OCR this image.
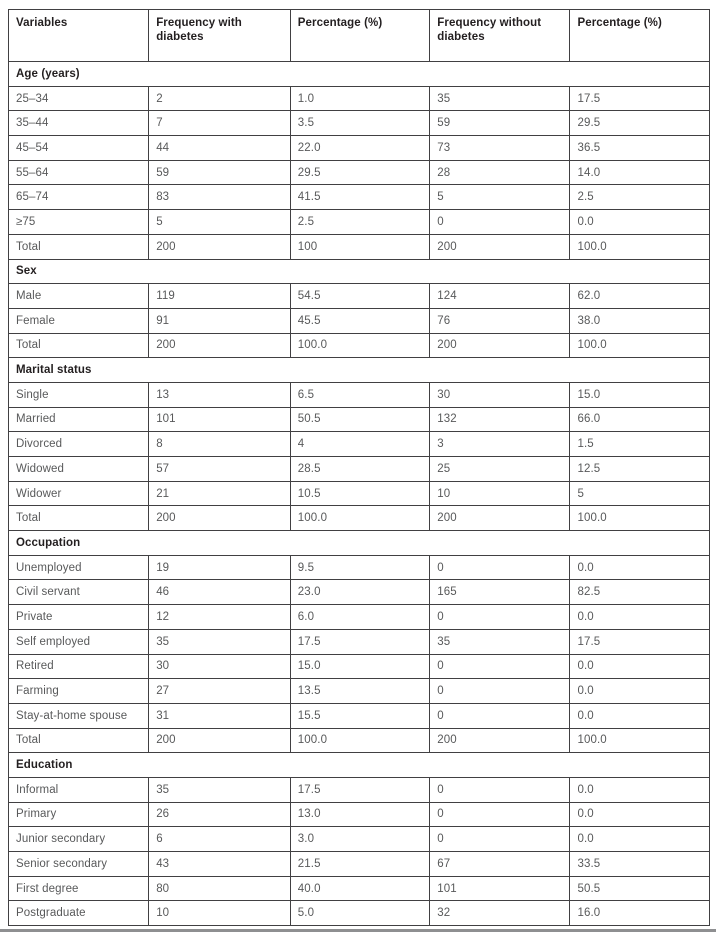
Variables	Frequency with diabetes	Percentage (%)	Frequency without diabetes	Percentage (%)
Age (years)				
25–34	2	1.0	35	17.5
35–44	7	3.5	59	29.5
45–54	44	22.0	73	36.5
55–64	59	29.5	28	14.0
65–74	83	41.5	5	2.5
≥75	5	2.5	0	0.0
Total	200	100	200	100.0
Sex				
Male	119	54.5	124	62.0
Female	91	45.5	76	38.0
Total	200	100.0	200	100.0
Marital status				
Single	13	6.5	30	15.0
Married	101	50.5	132	66.0
Divorced	8	4	3	1.5
Widowed	57	28.5	25	12.5
Widower	21	10.5	10	5
Total	200	100.0	200	100.0
Occupation				
Unemployed	19	9.5	0	0.0
Civil servant	46	23.0	165	82.5
Private	12	6.0	0	0.0
Self employed	35	17.5	35	17.5
Retired	30	15.0	0	0.0
Farming	27	13.5	0	0.0
Stay-at-home spouse	31	15.5	0	0.0
Total	200	100.0	200	100.0
Education				
Informal	35	17.5	0	0.0
Primary	26	13.0	0	0.0
Junior secondary	6	3.0	0	0.0
Senior secondary	43	21.5	67	33.5
First degree	80	40.0	101	50.5
Postgraduate	10	5.0	32	16.0
